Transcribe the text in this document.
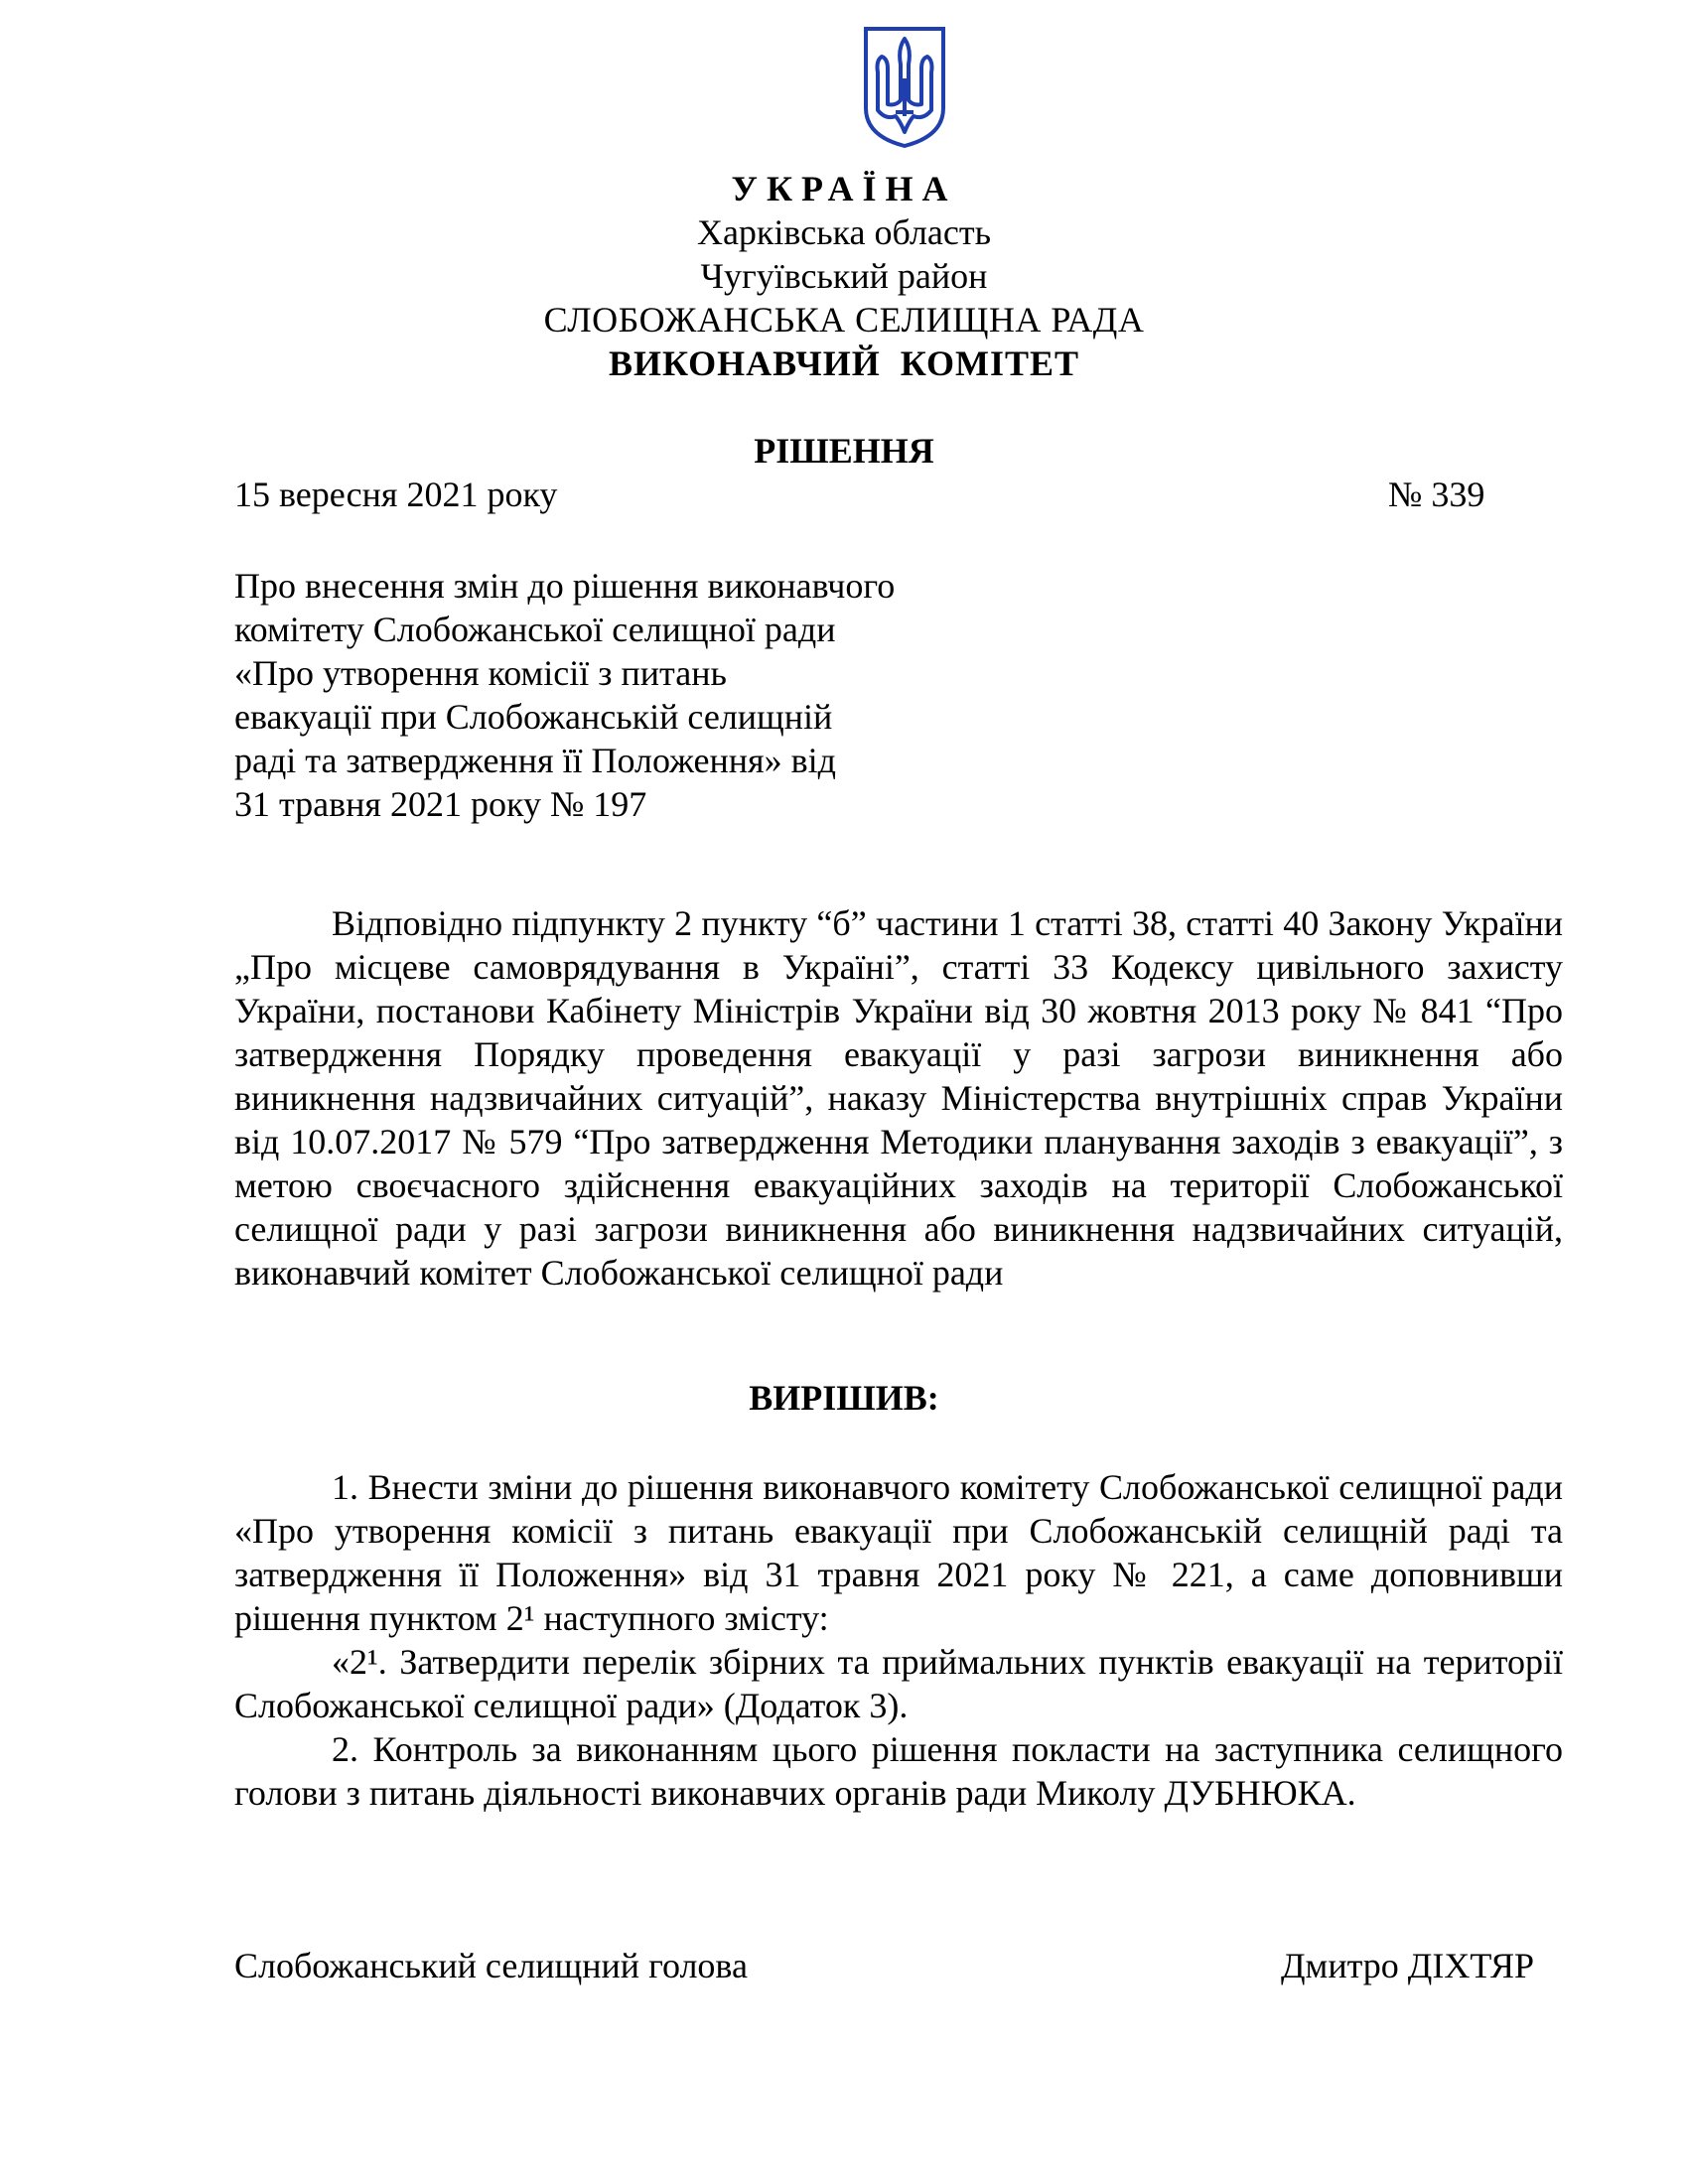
УКРАЇНА
Харківська область
Чугуївський район
СЛОБОЖАНСЬКА СЕЛИЩНА РАДА
ВИКОНАВЧИЙ КОМІТЕТ
РІШЕННЯ
15 вересня 2021 року	№ 339
Про внесення змін до рішення виконавчого
комітету Слобожанської селищної ради
«Про утворення комісії з питань
евакуації при Слобожанській селищній
раді та затвердження її Положення» від
31 травня 2021 року № 197
Відповідно підпункту 2 пункту “б” частини 1 статті 38, статті 40 Закону України „Про місцеве самоврядування в Україні”, статті 33 Кодексу цивільного захисту України, постанови Кабінету Міністрів України від 30 жовтня 2013 року № 841 “Про затвердження Порядку проведення евакуації у разі загрози виникнення або виникнення надзвичайних ситуацій”, наказу Міністерства внутрішніх справ України від 10.07.2017 № 579 “Про затвердження Методики планування заходів з евакуації”, з метою своєчасного здійснення евакуаційних заходів на території Слобожанської селищної ради у разі загрози виникнення або виникнення надзвичайних ситуацій, виконавчий комітет Слобожанської селищної ради
ВИРІШИВ:

1. Внести зміни до рішення виконавчого комітету Слобожанської селищної ради «Про утворення комісії з питань евакуації при Слобожанській селищній раді та затвердження її Положення» від 31 травня 2021 року № 221, а саме доповнивши рішення пунктом 2¹ наступного змісту:

«2¹. Затвердити перелік збірних та приймальних пунктів евакуації на території Слобожанської селищної ради» (Додаток 3).

2. Контроль за виконанням цього рішення покласти на заступника селищного голови з питань діяльності виконавчих органів ради Миколу ДУБНЮКА.

Слобожанський селищний голова	Дмитро ДІХТЯР
